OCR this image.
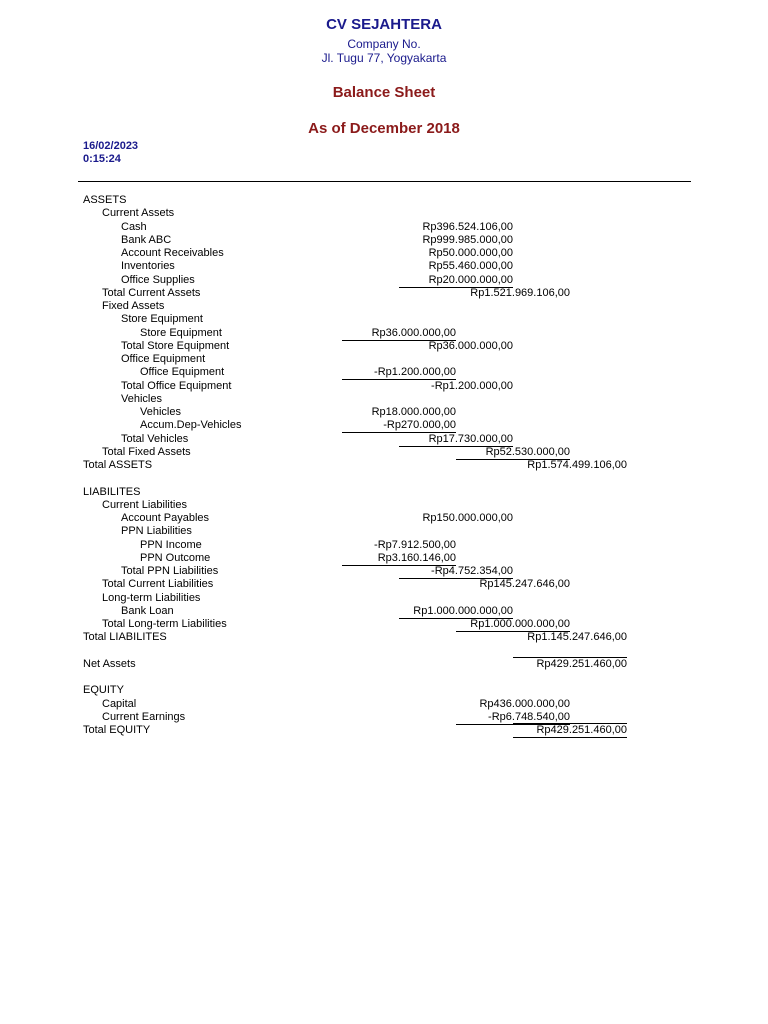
CV SEJAHTERA
Company No.
Jl. Tugu 77, Yogyakarta
Balance Sheet
As of December 2018
16/02/2023
0:15:24
ASSETS
Current Assets
Cash	Rp396.524.106,00
Bank ABC	Rp999.985.000,00
Account Receivables	Rp50.000.000,00
Inventories	Rp55.460.000,00
Office Supplies	Rp20.000.000,00
Total Current Assets	Rp1.521.969.106,00
Fixed Assets
Store Equipment
Store Equipment	Rp36.000.000,00
Total Store Equipment	Rp36.000.000,00
Office Equipment
Office Equipment	-Rp1.200.000,00
Total Office Equipment	-Rp1.200.000,00
Vehicles
Vehicles	Rp18.000.000,00
Accum.Dep-Vehicles	-Rp270.000,00
Total Vehicles	Rp17.730.000,00
Total Fixed Assets	Rp52.530.000,00
Total ASSETS	Rp1.574.499.106,00
LIABILITES
Current Liabilities
Account Payables	Rp150.000.000,00
PPN Liabilities
PPN Income	-Rp7.912.500,00
PPN Outcome	Rp3.160.146,00
Total PPN Liabilities	-Rp4.752.354,00
Total Current Liabilities	Rp145.247.646,00
Long-term Liabilities
Bank Loan	Rp1.000.000.000,00
Total Long-term Liabilities	Rp1.000.000.000,00
Total LIABILITES	Rp1.145.247.646,00
Net Assets	Rp429.251.460,00
EQUITY
Capital	Rp436.000.000,00
Current Earnings	-Rp6.748.540,00
Total EQUITY	Rp429.251.460,00
